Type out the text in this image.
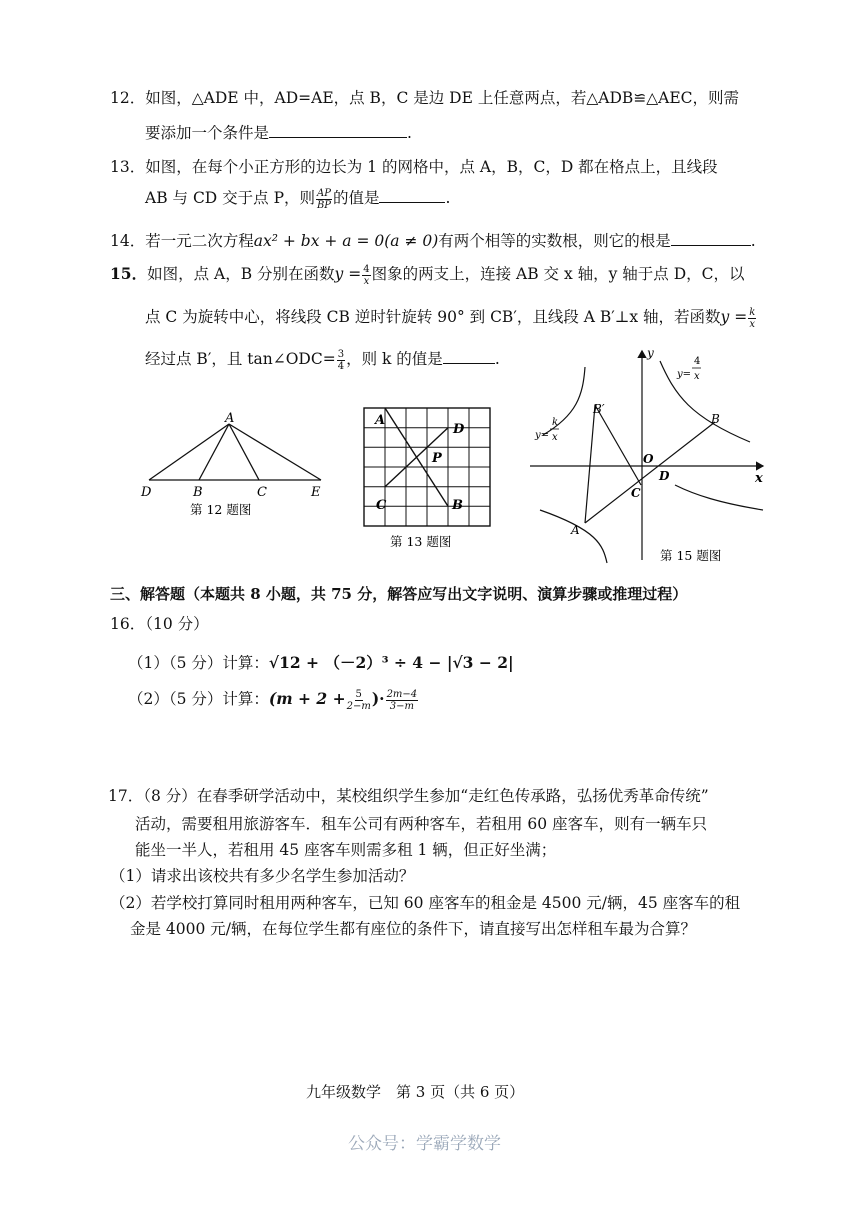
12．如图，△ADE 中，AD=AE，点 B，C 是边 DE 上任意两点，若△ADB≌△AEC，则需
要添加一个条件是	.
13．如图，在每个小正方形的边长为 1 的网格中，点 A，B，C，D 都在格点上，且线段
AB 与 CD 交于点 P，则 $\frac{AP}{BP}$ 的值是	.
14．若一元二次方程ax² + bx + a = 0(a ≠ 0)有两个相等的实数根，则它的根是	.
15．如图，点 A，B 分别在函数$y = \frac{4}{x}$ 图象的两支上，连接 AB 交 x 轴，y 轴于点 D，C，以
点 C 为旋转中心，将线段 CB 逆时针旋转 90° 到 CB′，且线段 A B′⊥x 轴，若函数$y = \frac{k}{x}$
经过点 B′，且 tan∠ODC= $\frac{3}{4}$ ，则 k 的值是	.
A
D	B	C	E
第 12 题图
A
D
P
C	B
第 13 题图
y
x
O
D
C
A
B
B′
y=
4
x
y=
k
x
第 15 题图
三、解答题（本题共 8 小题，共 75 分，解答应写出文字说明、演算步骤或推理过程）
16．（10 分）
（1）（5 分）计算：√12 + （－2）³ ÷ 4 − |√3 − 2|
（2）（5 分）计算：($m + 2 + \frac{5}{2-m}$ )· $\frac{2m-4}{3-m}$
17．（8 分）在春季研学活动中，某校组织学生参加“走红色传承路，弘扬优秀革命传统”
活动，需要租用旅游客车．租车公司有两种客车，若租用 60 座客车，则有一辆车只
能坐一半人，若租用 45 座客车则需多租 1 辆，但正好坐满；
（1）请求出该校共有多少名学生参加活动？
（2）若学校打算同时租用两种客车，已知 60 座客车的租金是 4500 元/辆，45 座客车的租
金是 4000 元/辆，在每位学生都有座位的条件下，请直接写出怎样租车最为合算？
九年级数学　第 3 页（共 6 页）
公众号：学霸学数学
